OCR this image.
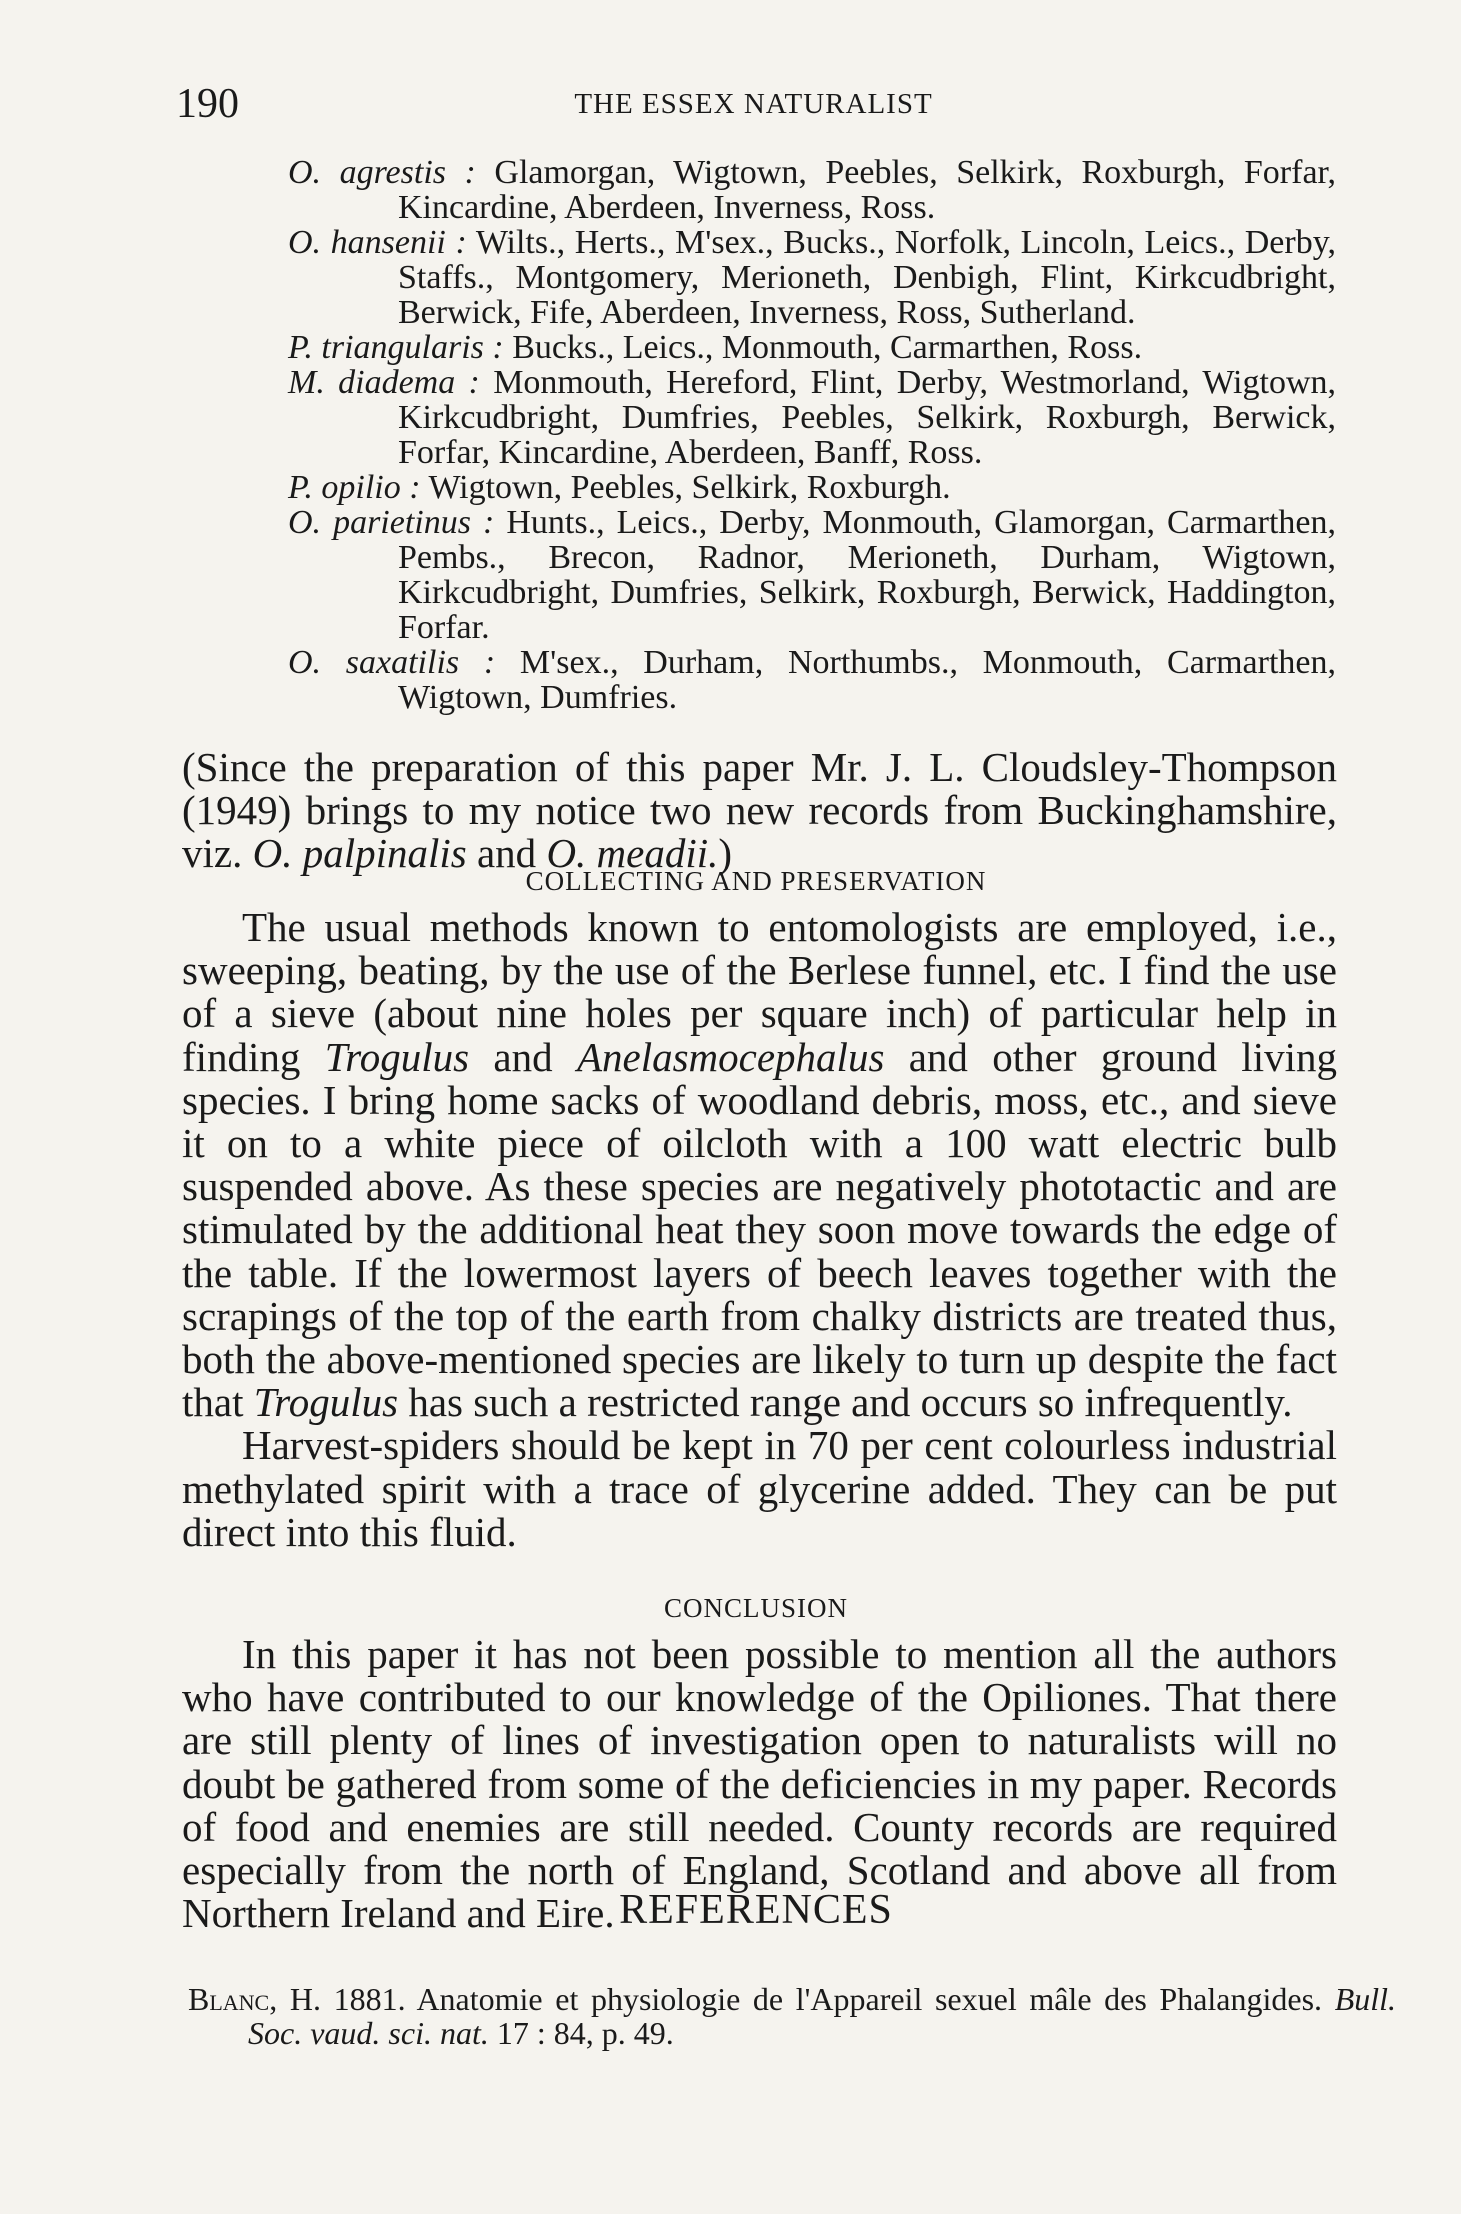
190	THE ESSEX NATURALIST

O. agrestis : Glamorgan, Wigtown, Peebles, Selkirk, Roxburgh, Forfar, Kincardine, Aberdeen, Inverness, Ross.

O. hansenii : Wilts., Herts., M'sex., Bucks., Norfolk, Lincoln, Leics., Derby, Staffs., Montgomery, Merioneth, Denbigh, Flint, Kirkcudbright, Berwick, Fife, Aberdeen, Inverness, Ross, Sutherland.

P. triangularis : Bucks., Leics., Monmouth, Carmarthen, Ross.

M. diadema : Monmouth, Hereford, Flint, Derby, Westmorland, Wigtown, Kirkcudbright, Dumfries, Peebles, Selkirk, Roxburgh, Berwick, Forfar, Kincardine, Aberdeen, Banff, Ross.

P. opilio : Wigtown, Peebles, Selkirk, Roxburgh.

O. parietinus : Hunts., Leics., Derby, Monmouth, Glamorgan, Carmarthen, Pembs., Brecon, Radnor, Merioneth, Durham, Wigtown, Kirkcudbright, Dumfries, Selkirk, Roxburgh, Berwick, Haddington, Forfar.

O. saxatilis : M'sex., Durham, Northumbs., Monmouth, Carmarthen, Wigtown, Dumfries.

(Since the preparation of this paper Mr. J. L. Cloudsley-Thompson (1949) brings to my notice two new records from Buckinghamshire, viz. O. palpinalis and O. meadii.)

COLLECTING AND PRESERVATION

The usual methods known to entomologists are employed, i.e., sweeping, beating, by the use of the Berlese funnel, etc. I find the use of a sieve (about nine holes per square inch) of particular help in finding Trogulus and Anelasmocephalus and other ground living species. I bring home sacks of woodland debris, moss, etc., and sieve it on to a white piece of oilcloth with a 100 watt electric bulb suspended above. As these species are negatively phototactic and are stimulated by the additional heat they soon move towards the edge of the table. If the lowermost layers of beech leaves together with the scrapings of the top of the earth from chalky districts are treated thus, both the above-mentioned species are likely to turn up despite the fact that Trogulus has such a restricted range and occurs so infrequently.

Harvest-spiders should be kept in 70 per cent colourless industrial methylated spirit with a trace of glycerine added. They can be put direct into this fluid.

CONCLUSION

In this paper it has not been possible to mention all the authors who have contributed to our knowledge of the Opiliones. That there are still plenty of lines of investigation open to naturalists will no doubt be gathered from some of the deficiencies in my paper. Records of food and enemies are still needed. County records are required especially from the north of England, Scotland and above all from Northern Ireland and Eire. REFERENCES

Blanc, H. 1881. Anatomie et physiologie de l'Appareil sexuel mâle des Phalangides. Bull. Soc. vaud. sci. nat. 17 : 84, p. 49.
